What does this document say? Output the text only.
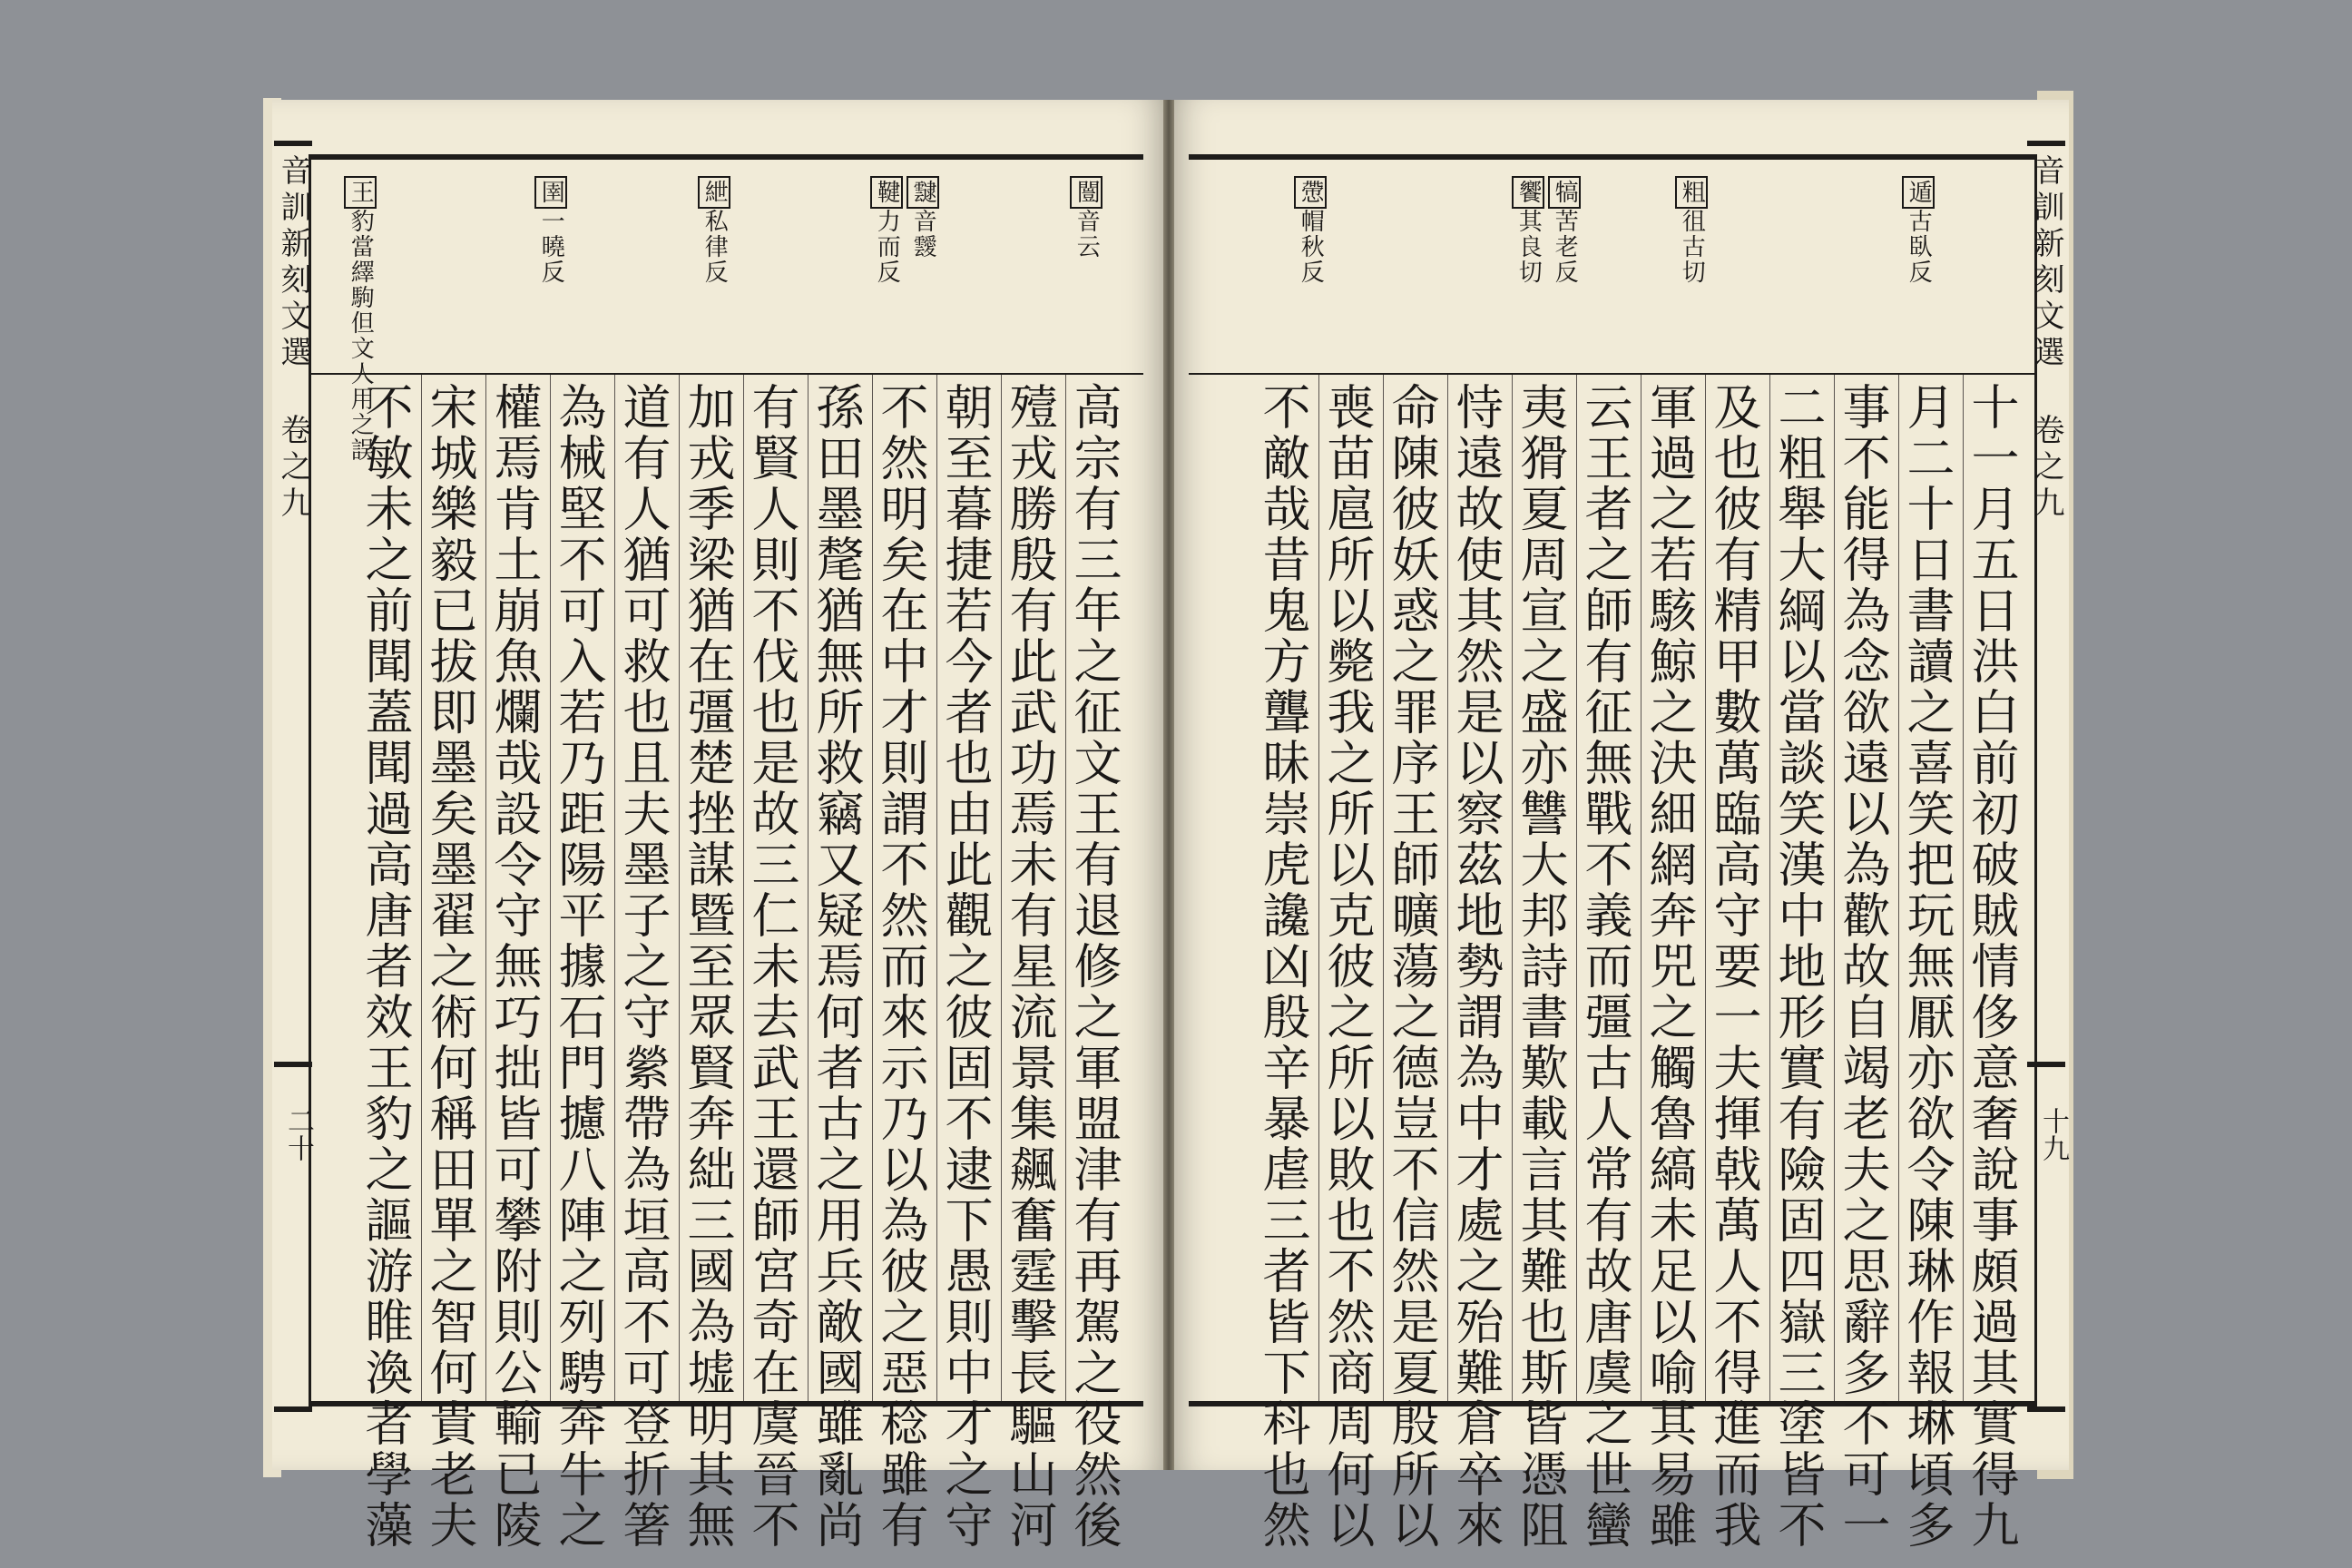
音訓新刻文選 卷之九
二十
闓音云
靆音靉
鞬力而反
紲私律反
圉一曉反
王豹當繹駒但文人用之誤
高宗有三年之征文王有退修之軍盟津有再駕之役然後
殪戎勝殷有此武功焉未有星流景集飆奮霆擊長驅山河
朝至暮捷若今者也由此觀之彼固不逮下愚則中才之守
不然明矣在中才則謂不然而來示乃以為彼之惡稔雖有
孫田墨氂猶無所救竊又疑焉何者古之用兵敵國雖亂尚
有賢人則不伐也是故三仁未去武王還師宮奇在虞晉不
加戎季梁猶在彊楚挫謀暨至眾賢奔絀三國為墟明其無
道有人猶可救也且夫墨子之守縈帶為垣高不可登折箸
為械堅不可入若乃距陽平據石門攄八陣之列騁奔牛之
權焉肯土崩魚爛哉設令守無巧拙皆可攀附則公輸已陵
宋城樂毅已拔即墨矣墨翟之術何稱田單之智何貴老夫
不敏未之前聞蓋聞過高唐者效王豹之謳游睢渙者學藻
慸帽秋反
犒苦老反
饗其良切
粗徂古切
遁古臥反
十一月五日洪白前初破賊情侈意奢說事頗過其實得九
月二十日書讀之喜笑把玩無厭亦欲令陳琳作報琳頃多
事不能得為念欲遠以為歡故自竭老夫之思辭多不可一
二粗舉大綱以當談笑漢中地形實有險固四嶽三塗皆不
及也彼有精甲數萬臨高守要一夫揮戟萬人不得進而我
軍過之若駭鯨之決細網奔兕之觸魯縞未足以喻其易雖
云王者之師有征無戰不義而彊古人常有故唐虞之世蠻
夷猾夏周宣之盛亦讐大邦詩書歎載言其難也斯皆憑阻
恃遠故使其然是以察茲地勢謂為中才處之殆難倉卒來
命陳彼妖惑之罪序王師曠蕩之德豈不信然是夏殷所以
喪苗扈所以斃我之所以克彼之所以敗也不然商周何以
不敵哉昔鬼方聾昧崇虎讒凶殷辛暴虐三者皆下科也然
音訓新刻文選 卷之九
十九
